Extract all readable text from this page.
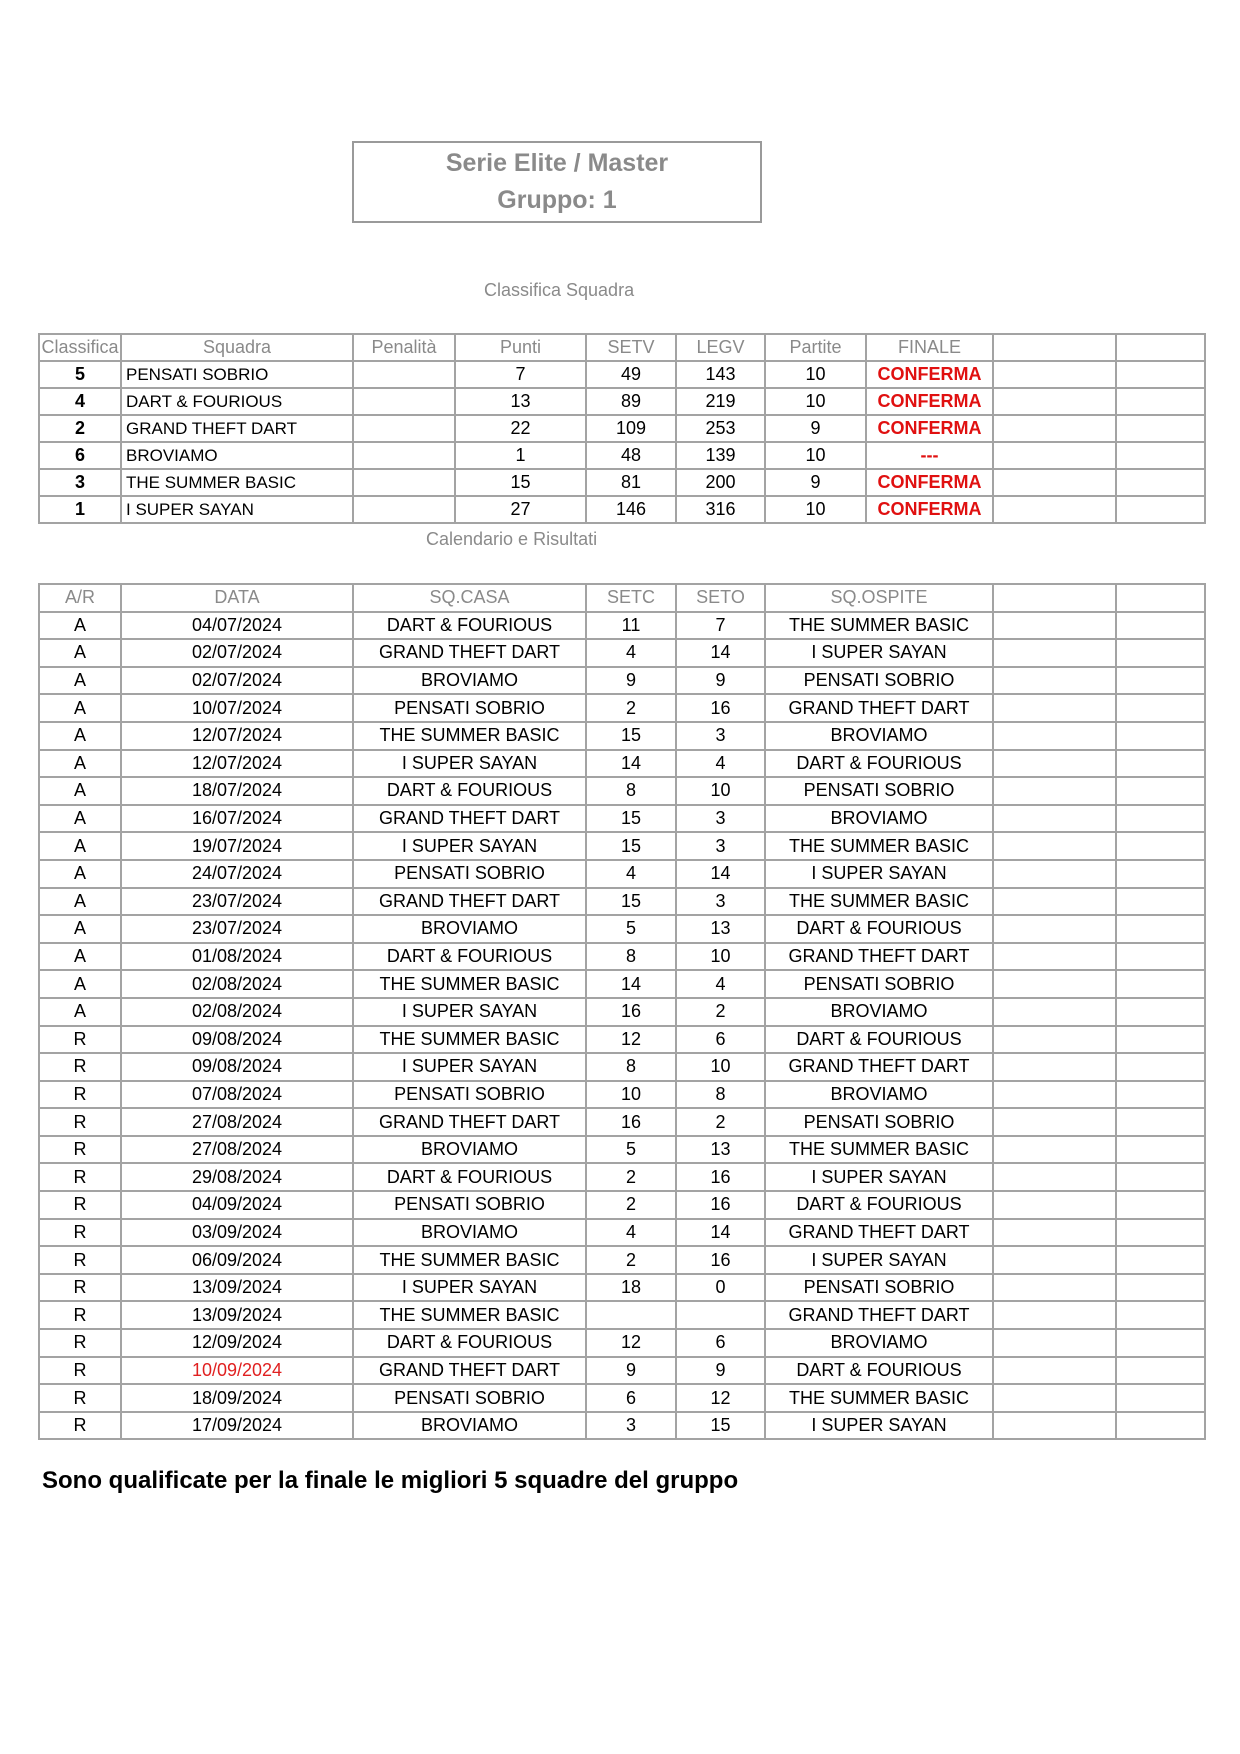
Serie Elite / Master
Gruppo: 1
Classifica Squadra
Classifica	Squadra	Penalità	Punti	SETV	LEGV	Partite	FINALE		
5	PENSATI SOBRIO		7	49	143	10	CONFERMA		
4	DART & FOURIOUS		13	89	219	10	CONFERMA		
2	GRAND THEFT DART		22	109	253	9	CONFERMA		
6	BROVIAMO		1	48	139	10	---		
3	THE SUMMER BASIC		15	81	200	9	CONFERMA		
1	I SUPER SAYAN		27	146	316	10	CONFERMA		
Calendario e Risultati
A/R	DATA	SQ.CASA	SETC	SETO	SQ.OSPITE		
A	04/07/2024	DART & FOURIOUS	11	7	THE SUMMER BASIC		
A	02/07/2024	GRAND THEFT DART	4	14	I SUPER SAYAN		
A	02/07/2024	BROVIAMO	9	9	PENSATI SOBRIO		
A	10/07/2024	PENSATI SOBRIO	2	16	GRAND THEFT DART		
A	12/07/2024	THE SUMMER BASIC	15	3	BROVIAMO		
A	12/07/2024	I SUPER SAYAN	14	4	DART & FOURIOUS		
A	18/07/2024	DART & FOURIOUS	8	10	PENSATI SOBRIO		
A	16/07/2024	GRAND THEFT DART	15	3	BROVIAMO		
A	19/07/2024	I SUPER SAYAN	15	3	THE SUMMER BASIC		
A	24/07/2024	PENSATI SOBRIO	4	14	I SUPER SAYAN		
A	23/07/2024	GRAND THEFT DART	15	3	THE SUMMER BASIC		
A	23/07/2024	BROVIAMO	5	13	DART & FOURIOUS		
A	01/08/2024	DART & FOURIOUS	8	10	GRAND THEFT DART		
A	02/08/2024	THE SUMMER BASIC	14	4	PENSATI SOBRIO		
A	02/08/2024	I SUPER SAYAN	16	2	BROVIAMO		
R	09/08/2024	THE SUMMER BASIC	12	6	DART & FOURIOUS		
R	09/08/2024	I SUPER SAYAN	8	10	GRAND THEFT DART		
R	07/08/2024	PENSATI SOBRIO	10	8	BROVIAMO		
R	27/08/2024	GRAND THEFT DART	16	2	PENSATI SOBRIO		
R	27/08/2024	BROVIAMO	5	13	THE SUMMER BASIC		
R	29/08/2024	DART & FOURIOUS	2	16	I SUPER SAYAN		
R	04/09/2024	PENSATI SOBRIO	2	16	DART & FOURIOUS		
R	03/09/2024	BROVIAMO	4	14	GRAND THEFT DART		
R	06/09/2024	THE SUMMER BASIC	2	16	I SUPER SAYAN		
R	13/09/2024	I SUPER SAYAN	18	0	PENSATI SOBRIO		
R	13/09/2024	THE SUMMER BASIC			GRAND THEFT DART		
R	12/09/2024	DART & FOURIOUS	12	6	BROVIAMO		
R	10/09/2024	GRAND THEFT DART	9	9	DART & FOURIOUS		
R	18/09/2024	PENSATI SOBRIO	6	12	THE SUMMER BASIC		
R	17/09/2024	BROVIAMO	3	15	I SUPER SAYAN		
Sono qualificate per la finale le migliori 5 squadre del gruppo
